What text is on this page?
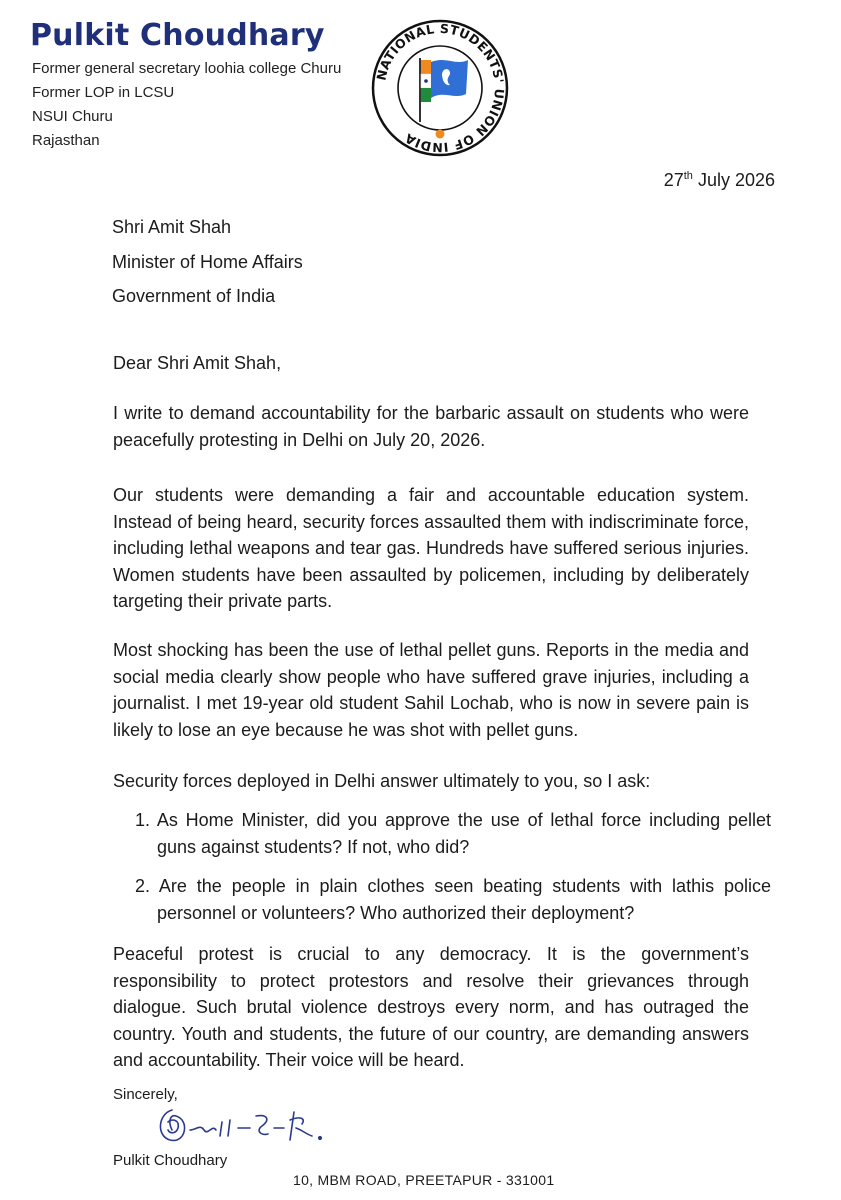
Pulkit Choudhary
Former general secretary loohia college Churu
Former LOP in LCSU
NSUI Churu
Rajasthan
NATIONAL STUDENTS' UNION OF INDIA
27th July 2026
Shri Amit Shah
Minister of Home Affairs
Government of India

Dear Shri Amit Shah,

I write to demand accountability for the barbaric assault on students who were peacefully protesting in Delhi on July 20, 2026.

Our students were demanding a fair and accountable education system. Instead of being heard, security forces assaulted them with indiscriminate force, including lethal weapons and tear gas. Hundreds have suffered serious injuries. Women students have been assaulted by policemen, including by deliberately targeting their private parts.

Most shocking has been the use of lethal pellet guns. Reports in the media and social media clearly show people who have suffered grave injuries, including a journalist. I met 19-year old student Sahil Lochab, who is now in severe pain is likely to lose an eye because he was shot with pellet guns.

Security forces deployed in Delhi answer ultimately to you, so I ask:

1. As Home Minister, did you approve the use of lethal force including pellet guns against students? If not, who did?

2. Are the people in plain clothes seen beating students with lathis police personnel or volunteers? Who authorized their deployment?

Peaceful protest is crucial to any democracy. It is the government’s responsibility to protect protestors and resolve their grievances through dialogue. Such brutal violence destroys every norm, and has outraged the country. Youth and students, the future of our country, are demanding answers and accountability. Their voice will be heard.

Sincerely,
Pulkit Choudhary
10, MBM ROAD, PREETAPUR - 331001
